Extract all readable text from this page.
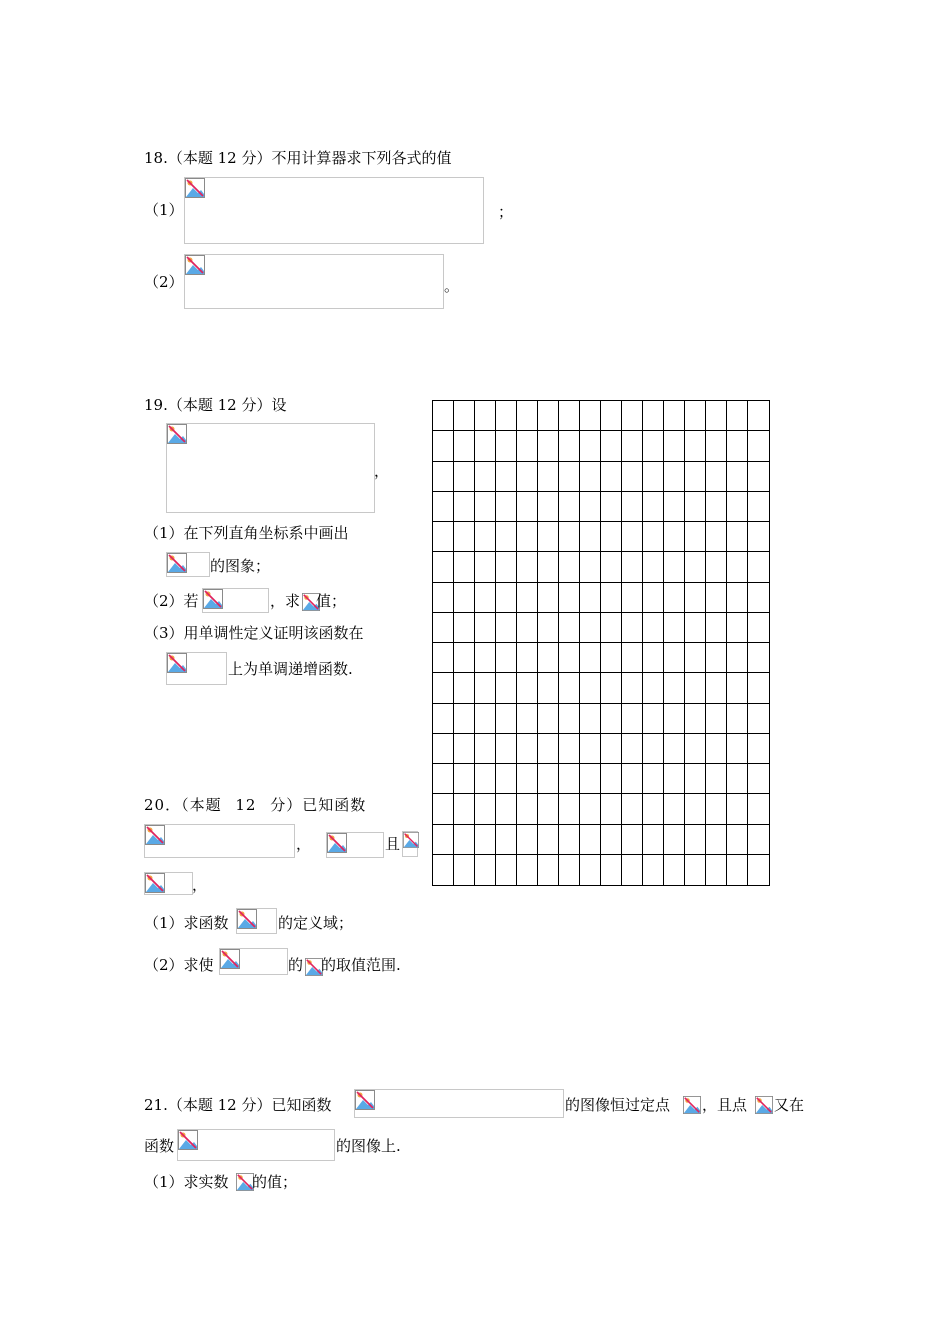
18.（本题 12 分）不用计算器求下列各式的值
（1）	；
（2）	。
19.（本题 12 分）设
，
（1）在下列直角坐标系中画出
的图象；
（2）若	，求 值；
（3）用单调性定义证明该函数在
上为单调递增函数.
20．（本题 12 分）已知函数
，	且
，
（1）求函数	的定义域；
（2）求使	的 的取值范围.
21.（本题 12 分）已知函数	的图像恒过定点 ，且点 又在
函数	的图像上.
（1）求实数 的值；
